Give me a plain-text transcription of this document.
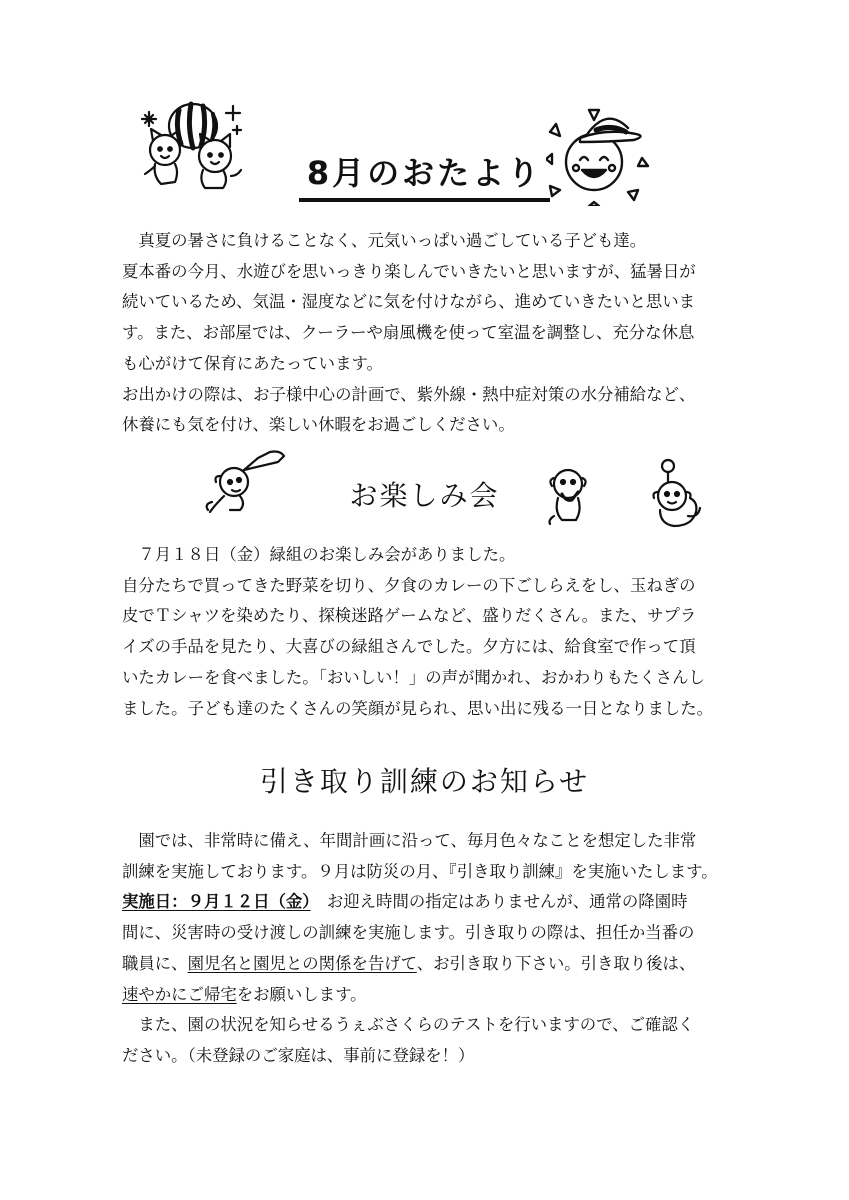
8月のおたより
　真夏の暑さに負けることなく、元気いっぱい過ごしている子ども達。
夏本番の今月、水遊びを思いっきり楽しんでいきたいと思いますが、猛暑日が
続いているため、気温・湿度などに気を付けながら、進めていきたいと思いま
す。また、お部屋では、クーラーや扇風機を使って室温を調整し、充分な休息
も心がけて保育にあたっています。
お出かけの際は、お子様中心の計画で、紫外線・熱中症対策の水分補給など、
休養にも気を付け、楽しい休暇をお過ごしください。
お楽しみ会
　７月１８日（金）緑組のお楽しみ会がありました。
自分たちで買ってきた野菜を切り、夕食のカレーの下ごしらえをし、玉ねぎの
皮でＴシャツを染めたり、探検迷路ゲームなど、盛りだくさん。また、サプラ
イズの手品を見たり、大喜びの緑組さんでした。夕方には、給食室で作って頂
いたカレーを食べました。「おいしい！」の声が聞かれ、おかわりもたくさんし
ました。子ども達のたくさんの笑顔が見られ、思い出に残る一日となりました。
引き取り訓練のお知らせ
　園では、非常時に備え、年間計画に沿って、毎月色々なことを想定した非常
訓練を実施しております。９月は防災の月、『引き取り訓練』を実施いたします。
実施日：９月１２日（金）　お迎え時間の指定はありませんが、通常の降園時
間に、災害時の受け渡しの訓練を実施します。引き取りの際は、担任か当番の
職員に、園児名と園児との関係を告げて、お引き取り下さい。引き取り後は、
速やかにご帰宅をお願いします。
　また、園の状況を知らせるうぇぶさくらのテストを行いますので、ご確認く
ださい。（未登録のご家庭は、事前に登録を！）
